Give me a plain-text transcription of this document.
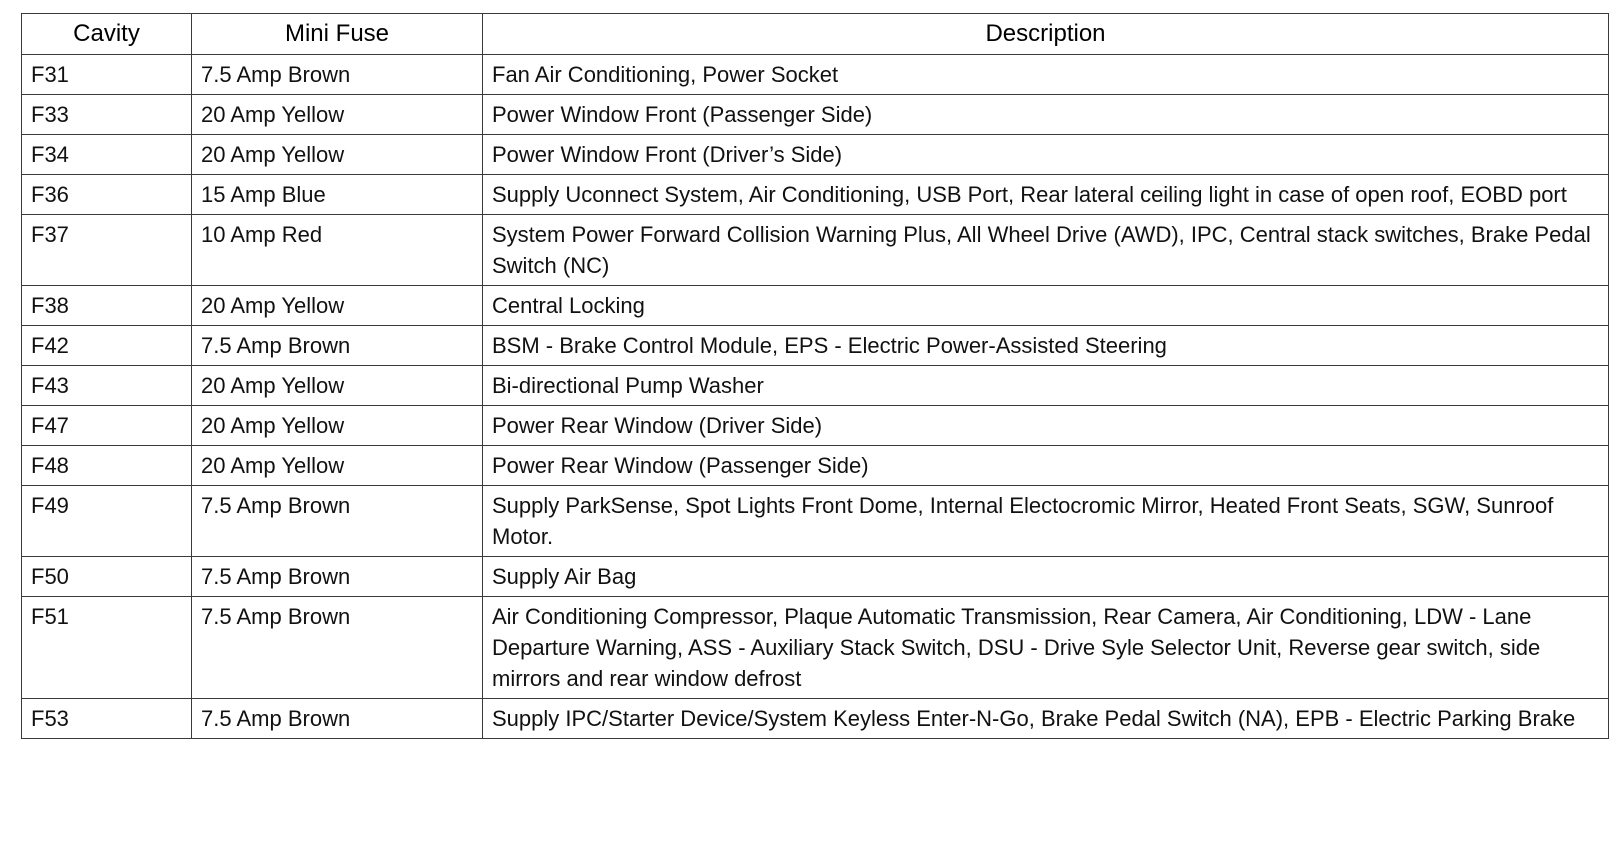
Cavity	Mini Fuse	Description
F31	7.5 Amp Brown	Fan Air Conditioning, Power Socket
F33	20 Amp Yellow	Power Window Front (Passenger Side)
F34	20 Amp Yellow	Power Window Front (Driver’s Side)
F36	15 Amp Blue	Supply Uconnect System, Air Conditioning, USB Port, Rear lateral ceiling light in case of open roof, EOBD port
F37	10 Amp Red	System Power Forward Collision Warning Plus, All Wheel Drive (AWD), IPC, Central stack switches, Brake Pedal Switch (NC)
F38	20 Amp Yellow	Central Locking
F42	7.5 Amp Brown	BSM - Brake Control Module, EPS - Electric Power-Assisted Steering
F43	20 Amp Yellow	Bi-directional Pump Washer
F47	20 Amp Yellow	Power Rear Window (Driver Side)
F48	20 Amp Yellow	Power Rear Window (Passenger Side)
F49	7.5 Amp Brown	Supply ParkSense, Spot Lights Front Dome, Internal Electocromic Mirror, Heated Front Seats, SGW, Sunroof Motor.
F50	7.5 Amp Brown	Supply Air Bag
F51	7.5 Amp Brown	Air Conditioning Compressor, Plaque Automatic Transmission, Rear Camera, Air Conditioning, LDW - Lane Departure Warning, ASS - Auxiliary Stack Switch, DSU - Drive Syle Selector Unit, Reverse gear switch, side mirrors and rear window defrost
F53	7.5 Amp Brown	Supply IPC/Starter Device/System Keyless Enter-N-Go, Brake Pedal Switch (NA), EPB - Electric Parking Brake
